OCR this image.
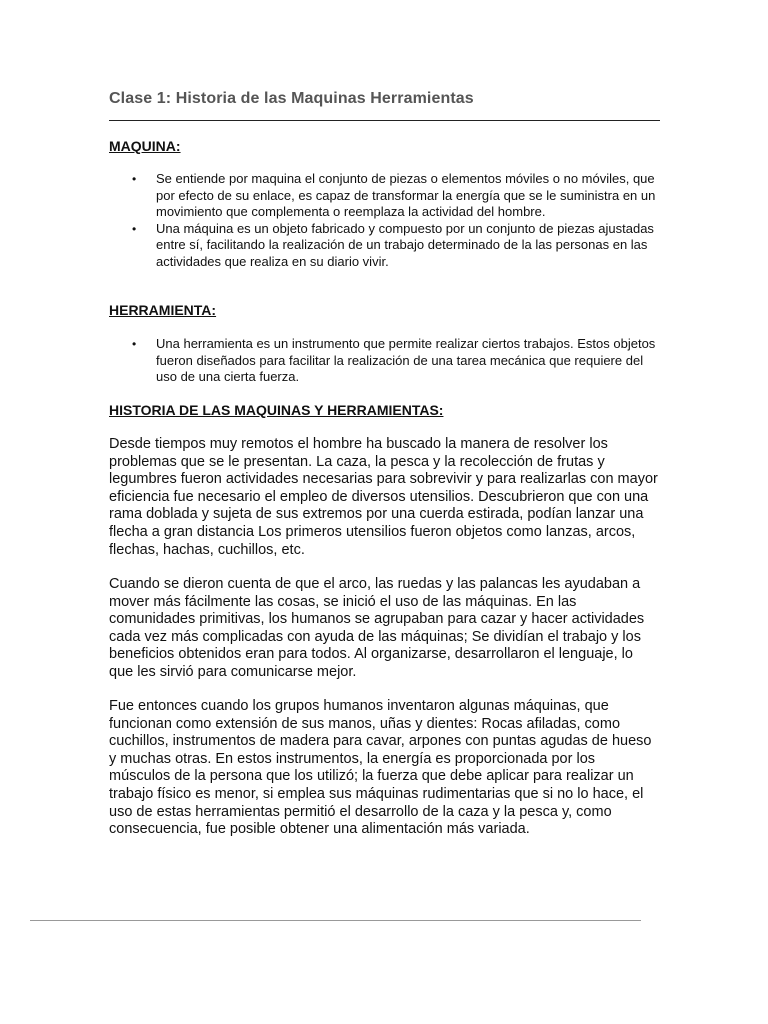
Clase 1: Historia de las Maquinas Herramientas
MAQUINA:
• Se entiende por maquina el conjunto de piezas o elementos móviles o no móviles, que por efecto de su enlace, es capaz de transformar la energía que se le suministra en un movimiento que complementa o reemplaza la actividad del hombre.
• Una máquina es un objeto fabricado y compuesto por un conjunto de piezas ajustadas entre sí, facilitando la realización de un trabajo determinado de la las personas en las actividades que realiza en su diario vivir.
HERRAMIENTA:
• Una herramienta es un instrumento que permite realizar ciertos trabajos. Estos objetos fueron diseñados para facilitar la realización de una tarea mecánica que requiere del uso de una cierta fuerza.
HISTORIA DE LAS MAQUINAS Y HERRAMIENTAS:

Desde tiempos muy remotos el hombre ha buscado la manera de resolver los problemas que se le presentan. La caza, la pesca y la recolección de frutas y legumbres fueron actividades necesarias para sobrevivir y para realizarlas con mayor eficiencia fue necesario el empleo de diversos utensilios. Descubrieron que con una rama doblada y sujeta de sus extremos por una cuerda estirada, podían lanzar una flecha a gran distancia Los primeros utensilios fueron objetos como lanzas, arcos, flechas, hachas, cuchillos, etc.

Cuando se dieron cuenta de que el arco, las ruedas y las palancas les ayudaban a mover más fácilmente las cosas, se inició el uso de las máquinas. En las comunidades primitivas, los humanos se agrupaban para cazar y hacer actividades cada vez más complicadas con ayuda de las máquinas; Se dividían el trabajo y los beneficios obtenidos eran para todos. Al organizarse, desarrollaron el lenguaje, lo que les sirvió para comunicarse mejor.

Fue entonces cuando los grupos humanos inventaron algunas máquinas, que funcionan como extensión de sus manos, uñas y dientes: Rocas afiladas, como cuchillos, instrumentos de madera para cavar, arpones con puntas agudas de hueso y muchas otras. En estos instrumentos, la energía es proporcionada por los músculos de la persona que los utilizó; la fuerza que debe aplicar para realizar un trabajo físico es menor, si emplea sus máquinas rudimentarias que si no lo hace, el uso de estas herramientas permitió el desarrollo de la caza y la pesca y, como consecuencia, fue posible obtener una alimentación más variada.
